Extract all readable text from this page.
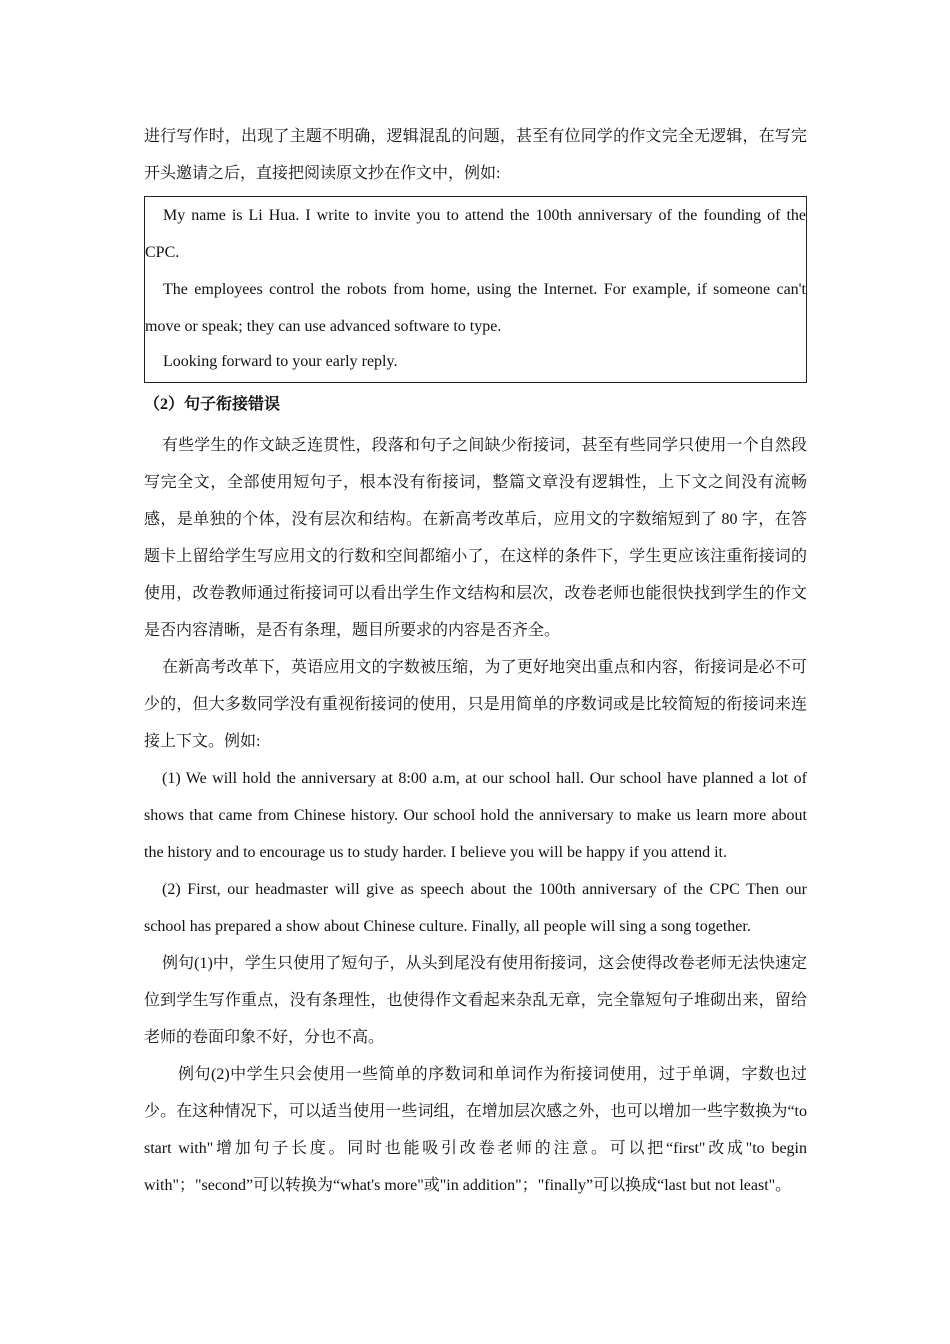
进行写作时，出现了主题不明确，逻辑混乱的问题，甚至有位同学的作文完全无逻辑，在写完开头邀请之后，直接把阅读原文抄在作文中，例如:

My name is Li Hua. I write to invite you to attend the 100th anniversary of the founding of the CPC.

The employees control the robots from home, using the Internet. For example, if someone can't move or speak; they can use advanced software to type.

Looking forward to your early reply.

（2）句子衔接错误

有些学生的作文缺乏连贯性，段落和句子之间缺少衔接词，甚至有些同学只使用一个自然段写完全文，全部使用短句子，根本没有衔接词，整篇文章没有逻辑性，上下文之间没有流畅感，是单独的个体，没有层次和结构。在新高考改革后，应用文的字数缩短到了 80 字，在答题卡上留给学生写应用文的行数和空间都缩小了，在这样的条件下，学生更应该注重衔接词的使用，改卷教师通过衔接词可以看出学生作文结构和层次，改卷老师也能很快找到学生的作文是否内容清晰，是否有条理，题目所要求的内容是否齐全。

在新高考改革下，英语应用文的字数被压缩，为了更好地突出重点和内容，衔接词是必不可少的，但大多数同学没有重视衔接词的使用，只是用简单的序数词或是比较简短的衔接词来连接上下文。例如:

(1) We will hold the anniversary at 8:00 a.m, at our school hall. Our school have planned a lot of shows that came from Chinese history. Our school hold the anniversary to make us learn more about the history and to encourage us to study harder. I believe you will be happy if you attend it.

(2) First, our headmaster will give as speech about the 100th anniversary of the CPC Then our school has prepared a show about Chinese culture. Finally, all people will sing a song together.

例句(1)中，学生只使用了短句子，从头到尾没有使用衔接词，这会使得改卷老师无法快速定位到学生写作重点，没有条理性，也使得作文看起来杂乱无章，完全靠短句子堆砌出来，留给老师的卷面印象不好，分也不高。

例句(2)中学生只会使用一些简单的序数词和单词作为衔接词使用，过于单调，字数也过少。在这种情况下，可以适当使用一些词组，在增加层次感之外，也可以增加一些字数换为“to start with"增加句子长度。同时也能吸引改卷老师的注意。可以把“first"改成"to begin with"；"second”可以转换为“what's more"或"in addition"；"finally”可以换成“last but not least"。
